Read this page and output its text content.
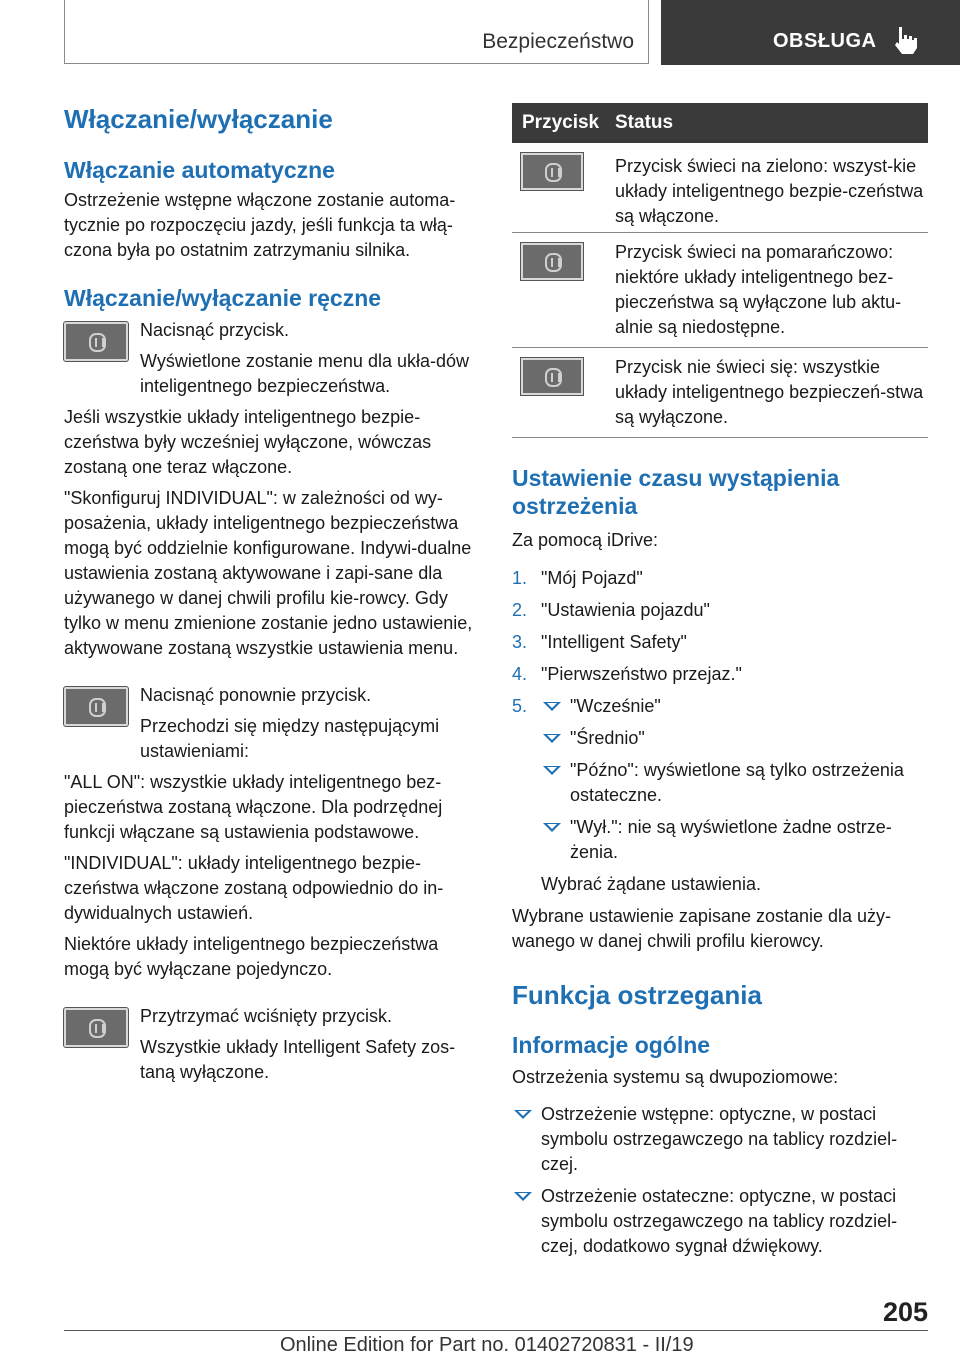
Bezpieczeństwo	OBSŁUGA
Włączanie/wyłączanie
Włączanie automatyczne

Ostrzeżenie wstępne włączone zostanie automa-tycznie po rozpoczęciu jazdy, jeśli funkcja ta włą-czona była po ostatnim zatrzymaniu silnika.

Włączanie/wyłączanie ręczne

Nacisnąć przycisk.

Wyświetlone zostanie menu dla ukła-dów inteligentnego bezpieczeństwa.

Jeśli wszystkie układy inteligentnego bezpie-czeństwa były wcześniej wyłączone, wówczas zostaną one teraz włączone.

"Skonfiguruj INDIVIDUAL": w zależności od wy-posażenia, układy inteligentnego bezpieczeństwa mogą być oddzielnie konfigurowane. Indywi-dualne ustawienia zostaną aktywowane i zapi-sane dla używanego w danej chwili profilu kie-rowcy. Gdy tylko w menu zmienione zostanie jedno ustawienie, aktywowane zostaną wszystkie ustawienia menu.

Nacisnąć ponownie przycisk.

Przechodzi się między następującymi ustawieniami:

"ALL ON": wszystkie układy inteligentnego bez-pieczeństwa zostaną włączone. Dla podrzędnej funkcji włączane są ustawienia podstawowe.

"INDIVIDUAL": układy inteligentnego bezpie-czeństwa włączone zostaną odpowiednio do in-dywidualnych ustawień.

Niektóre układy inteligentnego bezpieczeństwa mogą być wyłączane pojedynczo.

Przytrzymać wciśnięty przycisk.

Wszystkie układy Intelligent Safety zos-taną wyłączone.

Przycisk Status
Przycisk świeci na zielono: wszyst-kie układy inteligentnego bezpie-czeństwa są włączone.
Przycisk świeci na pomarańczowo: niektóre układy inteligentnego bez-pieczeństwa są wyłączone lub aktu-alnie są niedostępne.
Przycisk nie świeci się: wszystkie układy inteligentnego bezpieczeń-stwa są wyłączone.
Ustawienie czasu wystąpienia ostrzeżenia

Za pomocą iDrive:

1. "Mój Pojazd"
2. "Ustawienia pojazdu"
3. "Intelligent Safety"
4. "Pierwszeństwo przejaz."
5.	"Wcześnie"
"Średnio"
"Późno": wyświetlone są tylko ostrzeżenia ostateczne.
"Wył.": nie są wyświetlone żadne ostrze-żenia.

Wybrać żądane ustawienia.

Wybrane ustawienie zapisane zostanie dla uży-wanego w danej chwili profilu kierowcy.

Funkcja ostrzegania
Informacje ogólne

Ostrzeżenia systemu są dwupoziomowe:

Ostrzeżenie wstępne: optyczne, w postaci symbolu ostrzegawczego na tablicy rozdziel-czej.
Ostrzeżenie ostateczne: optyczne, w postaci symbolu ostrzegawczego na tablicy rozdziel-czej, dodatkowo sygnał dźwiękowy.
205
Online Edition for Part no. 01402720831 - II/19
